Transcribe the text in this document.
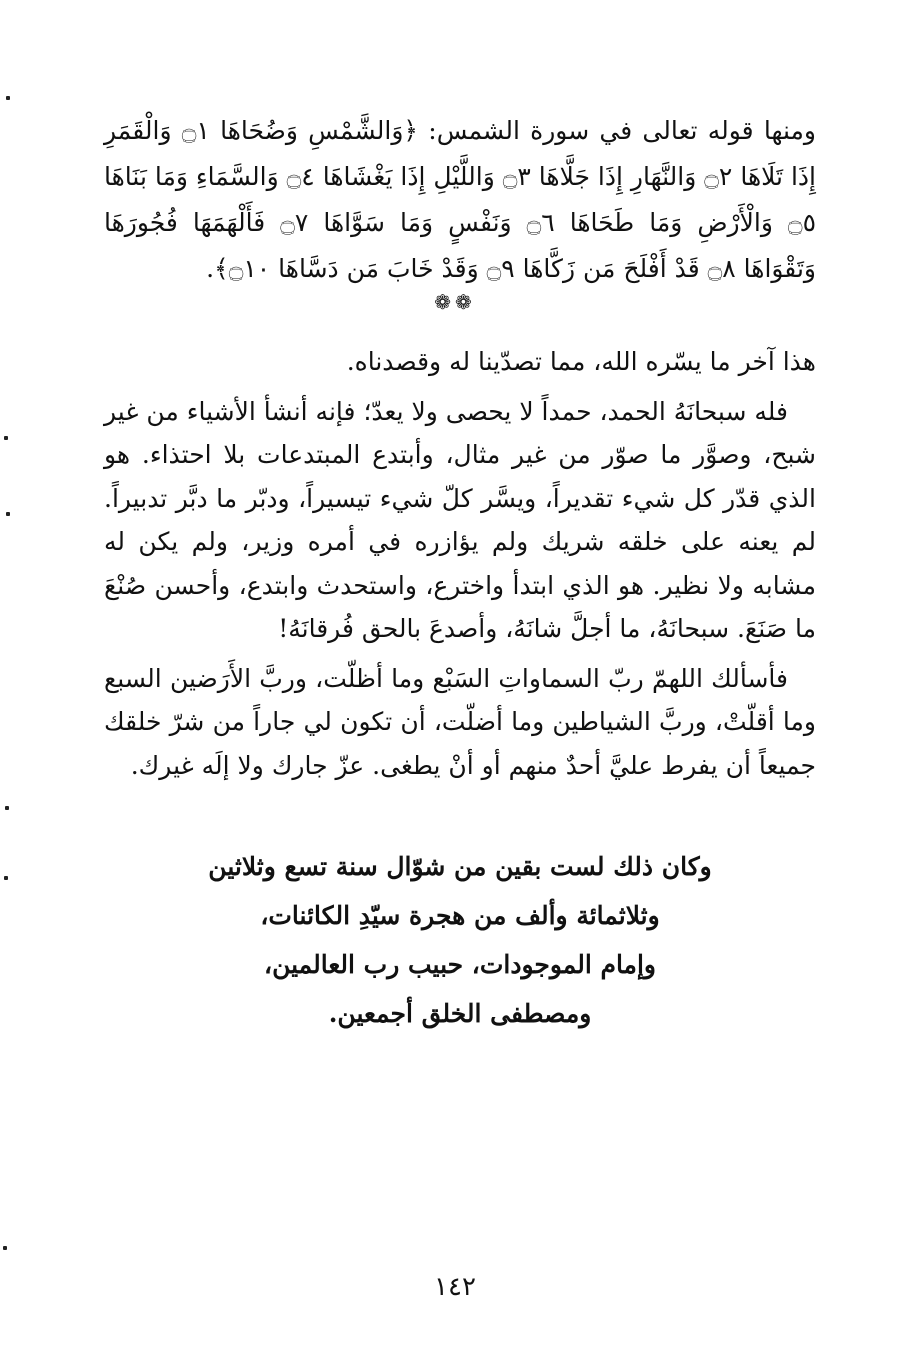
ومنها قوله تعالى في سورة الشمس: ﴿وَالشَّمْسِ وَضُحَاهَا ۝١ وَالْقَمَرِ إِذَا تَلَاهَا ۝٢ وَالنَّهَارِ إِذَا جَلَّاهَا ۝٣ وَاللَّيْلِ إِذَا يَغْشَاهَا ۝٤ وَالسَّمَاءِ وَمَا بَنَاهَا ۝٥ وَالْأَرْضِ وَمَا طَحَاهَا ۝٦ وَنَفْسٍ وَمَا سَوَّاهَا ۝٧ فَأَلْهَمَهَا فُجُورَهَا وَتَقْوَاهَا ۝٨ قَدْ أَفْلَحَ مَن زَكَّاهَا ۝٩ وَقَدْ خَابَ مَن دَسَّاهَا ۝١٠﴾.
❁❁

هذا آخر ما يسّره الله، مما تصدّينا له وقصدناه.

فله سبحانَهُ الحمد، حمداً لا يحصى ولا يعدّ؛ فإنه أنشأ الأشياء من غير شبح، وصوَّر ما صوّر من غير مثال، وأبتدع المبتدعات بلا احتذاء. هو الذي قدّر كل شيء تقديراً، ويسَّر كلّ شيء تيسيراً، ودبّر ما دبَّر تدبيراً. لم يعنه على خلقه شريك ولم يؤازره في أمره وزير، ولم يكن له مشابه ولا نظير. هو الذي ابتدأ واخترع، واستحدث وابتدع، وأحسن صُنْعَ ما صَنَعَ. سبحانَهُ، ما أجلَّ شانَهُ، وأصدعَ بالحق فُرقانَهُ!

فأسألك اللهمّ ربّ السماواتِ السَبْع وما أظلّت، وربَّ الأَرَضين السبع وما أقلّتْ، وربَّ الشياطين وما أضلّت، أن تكون لي جاراً من شرّ خلقك جميعاً أن يفرط عليَّ أحدٌ منهم أو أنْ يطغى. عزّ جارك ولا إلَه غيرك.

وكان ذلك لست بقين من شوّال سنة تسع وثلاثين
وثلاثمائة وألف من هجرة سيّدِ الكائنات،
وإمام الموجودات، حبيب رب العالمين،
ومصطفى الخلق أجمعين.
١٤٢
